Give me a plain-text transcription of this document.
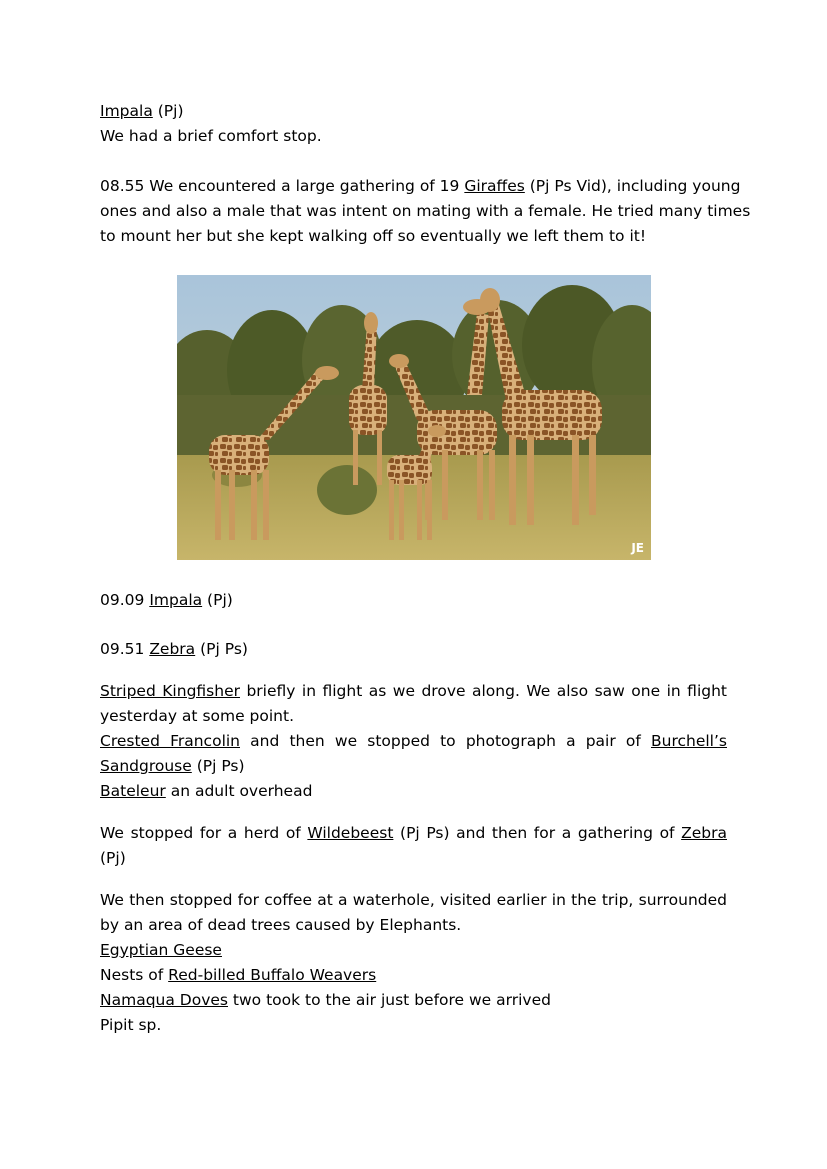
Impala (Pj)
We had a brief comfort stop.
08.55 We encountered a large gathering of 19 Giraffes (Pj Ps Vid), including young
ones and also a male that was intent on mating with a female. He tried many times
to mount her but she kept walking off so eventually we left them to it!
JE
09.09 Impala (Pj)
09.51 Zebra (Pj Ps)
Striped Kingfisher briefly in flight as we drove along. We also saw one in flight
yesterday at some point.
Crested Francolin and then we stopped to photograph a pair of Burchell’s
Sandgrouse (Pj Ps)
Bateleur an adult overhead
We stopped for a herd of Wildebeest (Pj Ps) and then for a gathering of Zebra
(Pj)
We then stopped for coffee at a waterhole, visited earlier in the trip, surrounded
by an area of dead trees caused by Elephants.
Egyptian Geese
Nests of Red-billed Buffalo Weavers
Namaqua Doves two took to the air just before we arrived
Pipit sp.
